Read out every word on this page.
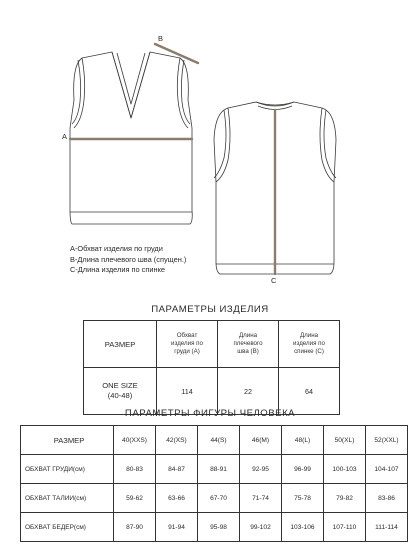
A
B
C
A-Обхват изделия по груди
B-Длина плечевого шва (спущен.)
C-Длина изделия по спинке
ПАРАМЕТРЫ ИЗДЕЛИЯ
РАЗМЕР	Обхват изделия по груди (A)	Длина плечевого шва (B)	Длина изделия по спинке (C)

ONE SIZE (40-48)	114	22	64
ПАРАМЕТРЫ ФИГУРЫ ЧЕЛОВЕКА
РАЗМЕР	40(XXS)	42(XS)	44(S)	46(M)	48(L)	50(XL)	52(XXL)
ОБХВАТ ГРУДИ(см)	80-83	84-87	88-91	92-95	96-99	100-103	104-107
ОБХВАТ ТАЛИИ(см)	59-62	63-66	67-70	71-74	75-78	79-82	83-86
ОБХВАТ БЕДЕР(см)	87-90	91-94	95-98	99-102	103-106	107-110	111-114
